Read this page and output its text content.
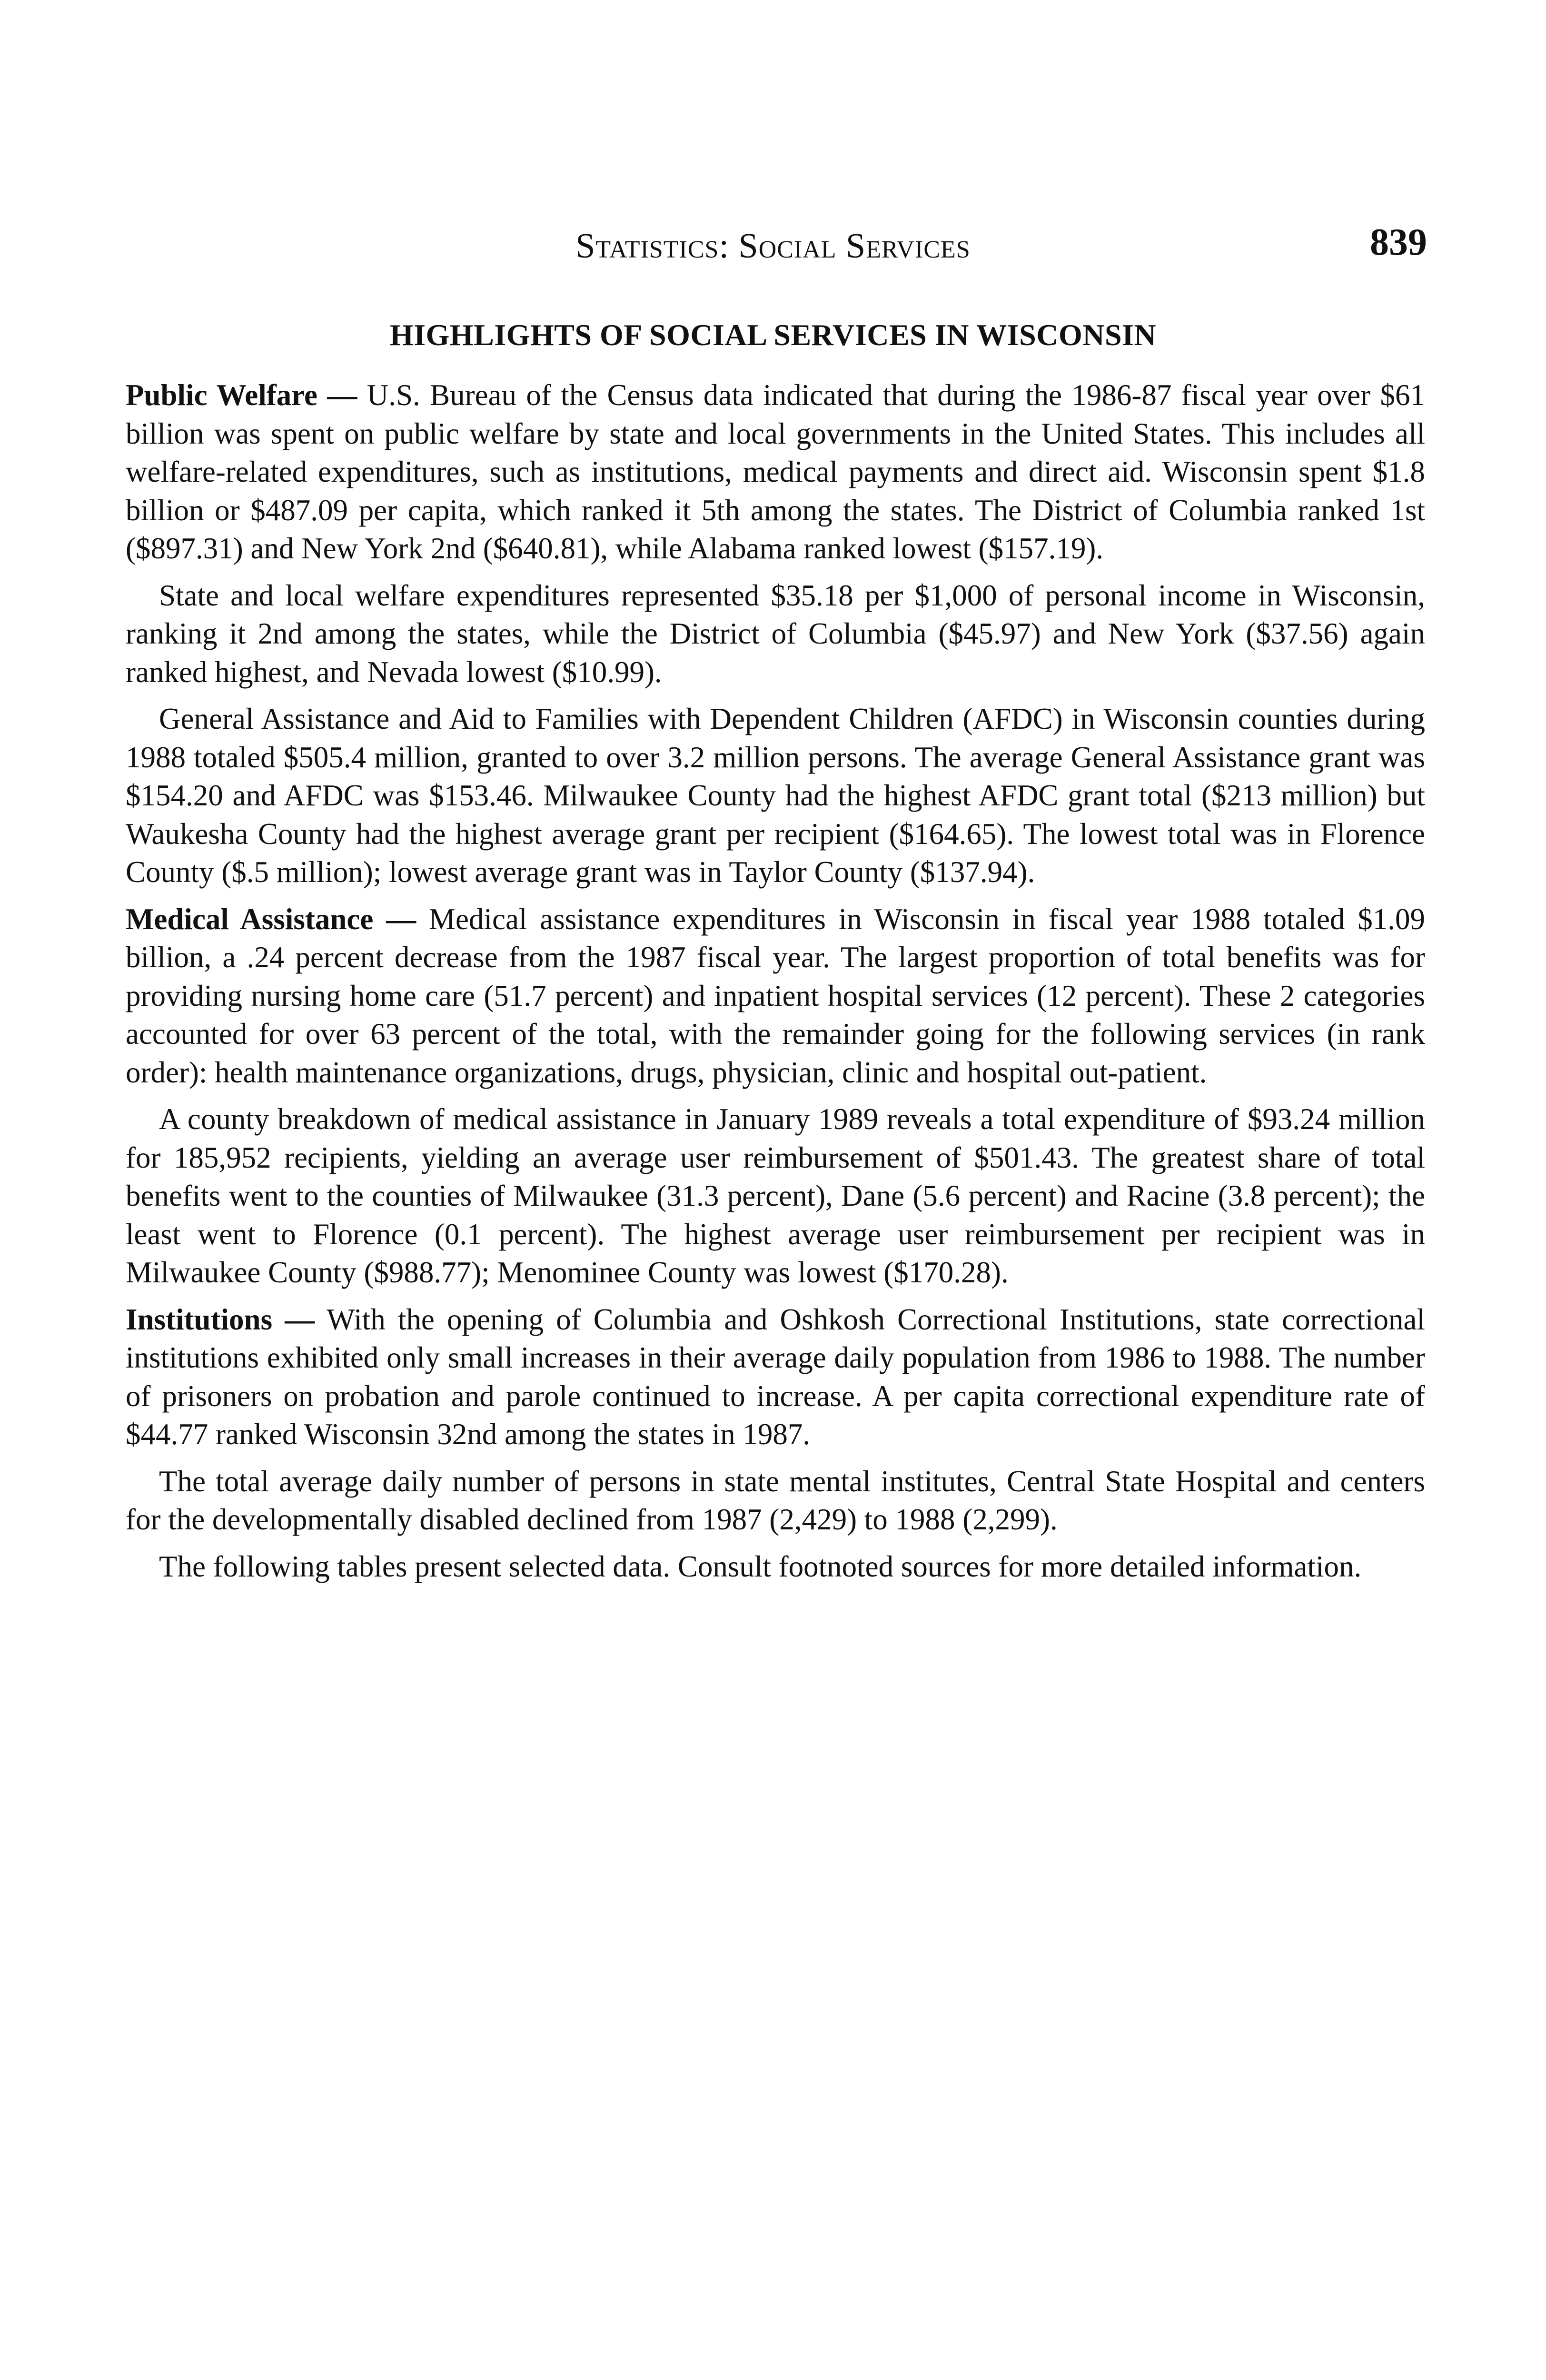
Statistics: Social Services	839
HIGHLIGHTS OF SOCIAL SERVICES IN WISCONSIN

Public Welfare — U.S. Bureau of the Census data indicated that during the 1986-87 fiscal year over $61 billion was spent on public welfare by state and local governments in the United States. This includes all welfare-related expenditures, such as institutions, medical payments and direct aid. Wisconsin spent $1.8 billion or $487.09 per capita, which ranked it 5th among the states. The District of Columbia ranked 1st ($897.31) and New York 2nd ($640.81), while Alabama ranked lowest ($157.19).

State and local welfare expenditures represented $35.18 per $1,000 of personal income in Wisconsin, ranking it 2nd among the states, while the District of Columbia ($45.97) and New York ($37.56) again ranked highest, and Nevada lowest ($10.99).

General Assistance and Aid to Families with Dependent Children (AFDC) in Wisconsin counties during 1988 totaled $505.4 million, granted to over 3.2 million persons. The average General Assistance grant was $154.20 and AFDC was $153.46. Milwaukee County had the highest AFDC grant total ($213 million) but Waukesha County had the highest average grant per recipient ($164.65). The lowest total was in Florence County ($.5 million); lowest average grant was in Taylor County ($137.94).

Medical Assistance — Medical assistance expenditures in Wisconsin in fiscal year 1988 totaled $1.09 billion, a .24 percent decrease from the 1987 fiscal year. The largest proportion of total benefits was for providing nursing home care (51.7 percent) and inpatient hospital services (12 percent). These 2 categories accounted for over 63 percent of the total, with the remainder going for the following services (in rank order): health maintenance organizations, drugs, physician, clinic and hospital out-patient.

A county breakdown of medical assistance in January 1989 reveals a total expenditure of $93.24 million for 185,952 recipients, yielding an average user reimbursement of $501.43. The greatest share of total benefits went to the counties of Milwaukee (31.3 percent), Dane (5.6 percent) and Racine (3.8 percent); the least went to Florence (0.1 percent). The highest average user reimbursement per recipient was in Milwaukee County ($988.77); Menominee County was lowest ($170.28).

Institutions — With the opening of Columbia and Oshkosh Correctional Institutions, state correctional institutions exhibited only small increases in their average daily population from 1986 to 1988. The number of prisoners on probation and parole continued to increase. A per capita correctional expenditure rate of $44.77 ranked Wisconsin 32nd among the states in 1987.

The total average daily number of persons in state mental institutes, Central State Hospital and centers for the developmentally disabled declined from 1987 (2,429) to 1988 (2,299).

The following tables present selected data. Consult footnoted sources for more detailed information.
